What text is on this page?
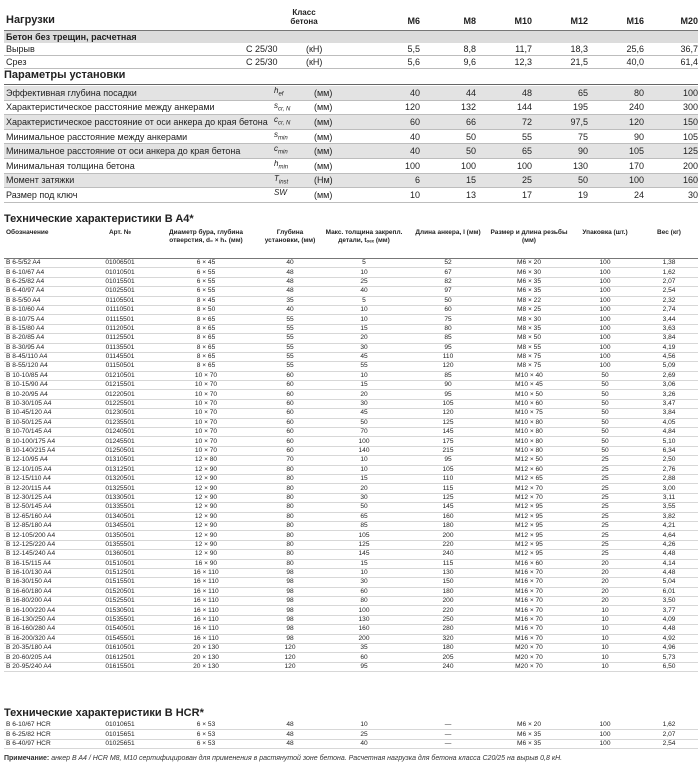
Нагрузки	Класс
бетона		M6	M8	M10	M12	M16	M20
Бетон без трещин, расчетная								
Вырыв	C 25/30	(кН)	5,5	8,8	11,7	18,3	25,6	36,7
Срез	C 25/30	(кН)	5,6	9,6	12,3	21,5	40,0	61,4
Параметры установки
Эффективная глубина посадки	$h_{ef}$	(мм)	40	44	48	65	80	100
Характеристическое расстояние между анкерами	$s_{cr, N}$	(мм)	120	132	144	195	240	300
Характеристическое расстояние от оси анкера до края бетона	$c_{cr, N}$	(мм)	60	66	72	97,5	120	150
Минимальное расстояние между анкерами	$s_{min}$	(мм)	40	50	55	75	90	105
Минимальное расстояние от оси анкера до края бетона	$c_{min}$	(мм)	40	50	65	90	105	125
Минимальная толщина бетона	$h_{min}$	(мм)	100	100	100	130	170	200
Момент затяжки	$T_{inst}$	(Нм)	6	15	25	50	100	160
Размер под ключ	SW	(мм)	10	13	17	19	24	30
Технические характеристики B A4*
Обозначение	Арт. №	Диаметр бура, глубина отверстия, d₀ × h₁ (мм)	Глубина установки, (мм)	Макс. толщина закрепл. детали, tₒₑₓ (мм)	Длина анкера, l (мм)	Размер и длина резьбы (мм)	Упаковка (шт.)	Вес (кг)
B 6-5/52 A4	01006501	6 × 45	40	5	52	M6 × 20	100	1,38
B 6-10/67 A4	01010501	6 × 55	48	10	67	M6 × 30	100	1,62
B 6-25/82 A4	01015501	6 × 55	48	25	82	M6 × 35	100	2,07
B 6-40/97 A4	01025501	6 × 55	48	40	97	M6 × 35	100	2,54
B 8-5/50 A4	01105501	8 × 45	35	5	50	M8 × 22	100	2,32
B 8-10/60 A4	01110501	8 × 50	40	10	60	M8 × 25	100	2,74
B 8-10/75 A4	01115501	8 × 65	55	10	75	M8 × 30	100	3,44
B 8-15/80 A4	01120501	8 × 65	55	15	80	M8 × 35	100	3,63
B 8-20/85 A4	01125501	8 × 65	55	20	85	M8 × 50	100	3,84
B 8-30/95 A4	01135501	8 × 65	55	30	95	M8 × 55	100	4,19
B 8-45/110 A4	01145501	8 × 65	55	45	110	M8 × 75	100	4,56
B 8-55/120 A4	01150501	8 × 65	55	55	120	M8 × 75	100	5,09
B 10-10/85 A4	01210501	10 × 70	60	10	85	M10 × 40	50	2,69
B 10-15/90 A4	01215501	10 × 70	60	15	90	M10 × 45	50	3,06
B 10-20/95 A4	01220501	10 × 70	60	20	95	M10 × 50	50	3,26
B 10-30/105 A4	01225501	10 × 70	60	30	105	M10 × 60	50	3,47
B 10-45/120 A4	01230501	10 × 70	60	45	120	M10 × 75	50	3,84
B 10-50/125 A4	01235501	10 × 70	60	50	125	M10 × 80	50	4,05
B 10-70/145 A4	01240501	10 × 70	60	70	145	M10 × 80	50	4,84
B 10-100/175 A4	01245501	10 × 70	60	100	175	M10 × 80	50	5,10
B 10-140/215 A4	01250501	10 × 70	60	140	215	M10 × 80	50	6,34
B 12-10/95 A4	01310501	12 × 80	70	10	95	M12 × 50	25	2,50
B 12-10/105 A4	01312501	12 × 90	80	10	105	M12 × 60	25	2,76
B 12-15/110 A4	01320501	12 × 90	80	15	110	M12 × 65	25	2,88
B 12-20/115 A4	01325501	12 × 90	80	20	115	M12 × 70	25	3,00
B 12-30/125 A4	01330501	12 × 90	80	30	125	M12 × 70	25	3,11
B 12-50/145 A4	01335501	12 × 90	80	50	145	M12 × 95	25	3,55
B 12-65/160 A4	01340501	12 × 90	80	65	160	M12 × 95	25	3,82
B 12-85/180 A4	01345501	12 × 90	80	85	180	M12 × 95	25	4,21
B 12-105/200 A4	01350501	12 × 90	80	105	200	M12 × 95	25	4,64
B 12-125/220 A4	01355501	12 × 90	80	125	220	M12 × 95	25	4,26
B 12-145/240 A4	01360501	12 × 90	80	145	240	M12 × 95	25	4,48
B 16-15/115 A4	01510501	16 × 90	80	15	115	M16 × 60	20	4,14
B 16-10/130 A4	01512501	16 × 110	98	10	130	M16 × 70	20	4,48
B 16-30/150 A4	01515501	16 × 110	98	30	150	M16 × 70	20	5,04
B 16-60/180 A4	01520501	16 × 110	98	60	180	M16 × 70	20	6,01
B 16-80/200 A4	01525501	16 × 110	98	80	200	M16 × 70	20	3,50
B 16-100/220 A4	01530501	16 × 110	98	100	220	M16 × 70	10	3,77
B 16-130/250 A4	01535501	16 × 110	98	130	250	M16 × 70	10	4,09
B 16-160/280 A4	01540501	16 × 110	98	160	280	M16 × 70	10	4,48
B 16-200/320 A4	01545501	16 × 110	98	200	320	M16 × 70	10	4,92
B 20-35/180 A4	01610501	20 × 130	120	35	180	M20 × 70	10	4,96
B 20-60/205 A4	01612501	20 × 130	120	60	205	M20 × 70	10	5,73
B 20-95/240 A4	01615501	20 × 130	120	95	240	M20 × 70	10	6,50
Технические характеристики B HCR*
B 6-10/67 HCR	01010651	6 × 53	48	10	—	M6 × 20	100	1,62
B 6-25/82 HCR	01015651	6 × 53	48	25	—	M6 × 35	100	2,07
B 6-40/97 HCR	01025651	6 × 53	48	40	—	M6 × 35	100	2,54
Примечание: анкер B A4 / HCR M8, M10 сертифицирован для применения в растянутой зоне бетона. Расчетная нагрузка для бетона класса C20/25 на вырыв 0,8 кН.
